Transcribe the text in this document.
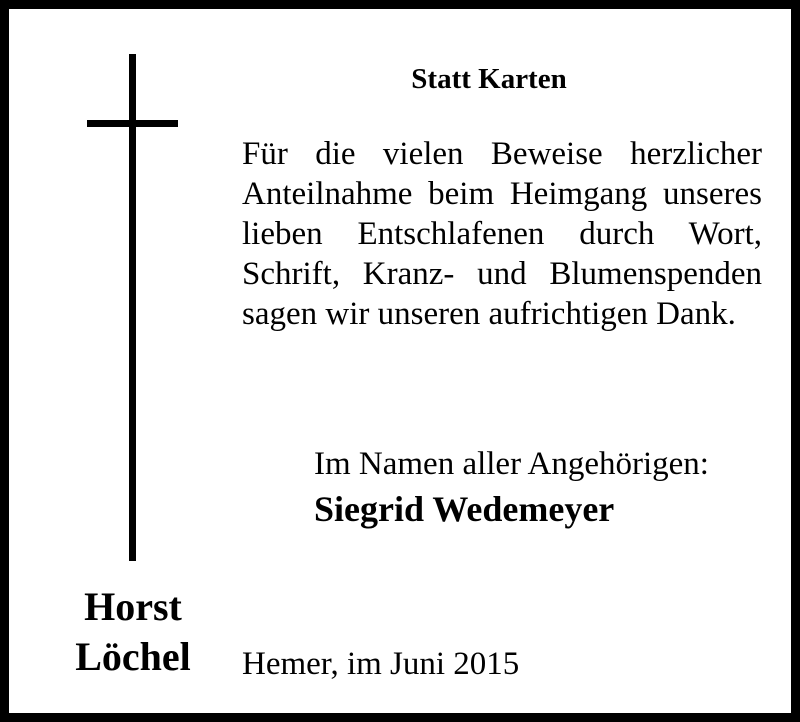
Statt Karten
Für die vielen Beweise herzlicher
Anteilnahme beim Heimgang unseres
lieben Entschlafenen durch Wort,
Schrift, Kranz- und Blumenspenden
sagen wir unseren aufrichtigen Dank.
Im Namen aller Angehörigen:
Siegrid Wedemeyer
Horst
Löchel	Hemer, im Juni 2015
